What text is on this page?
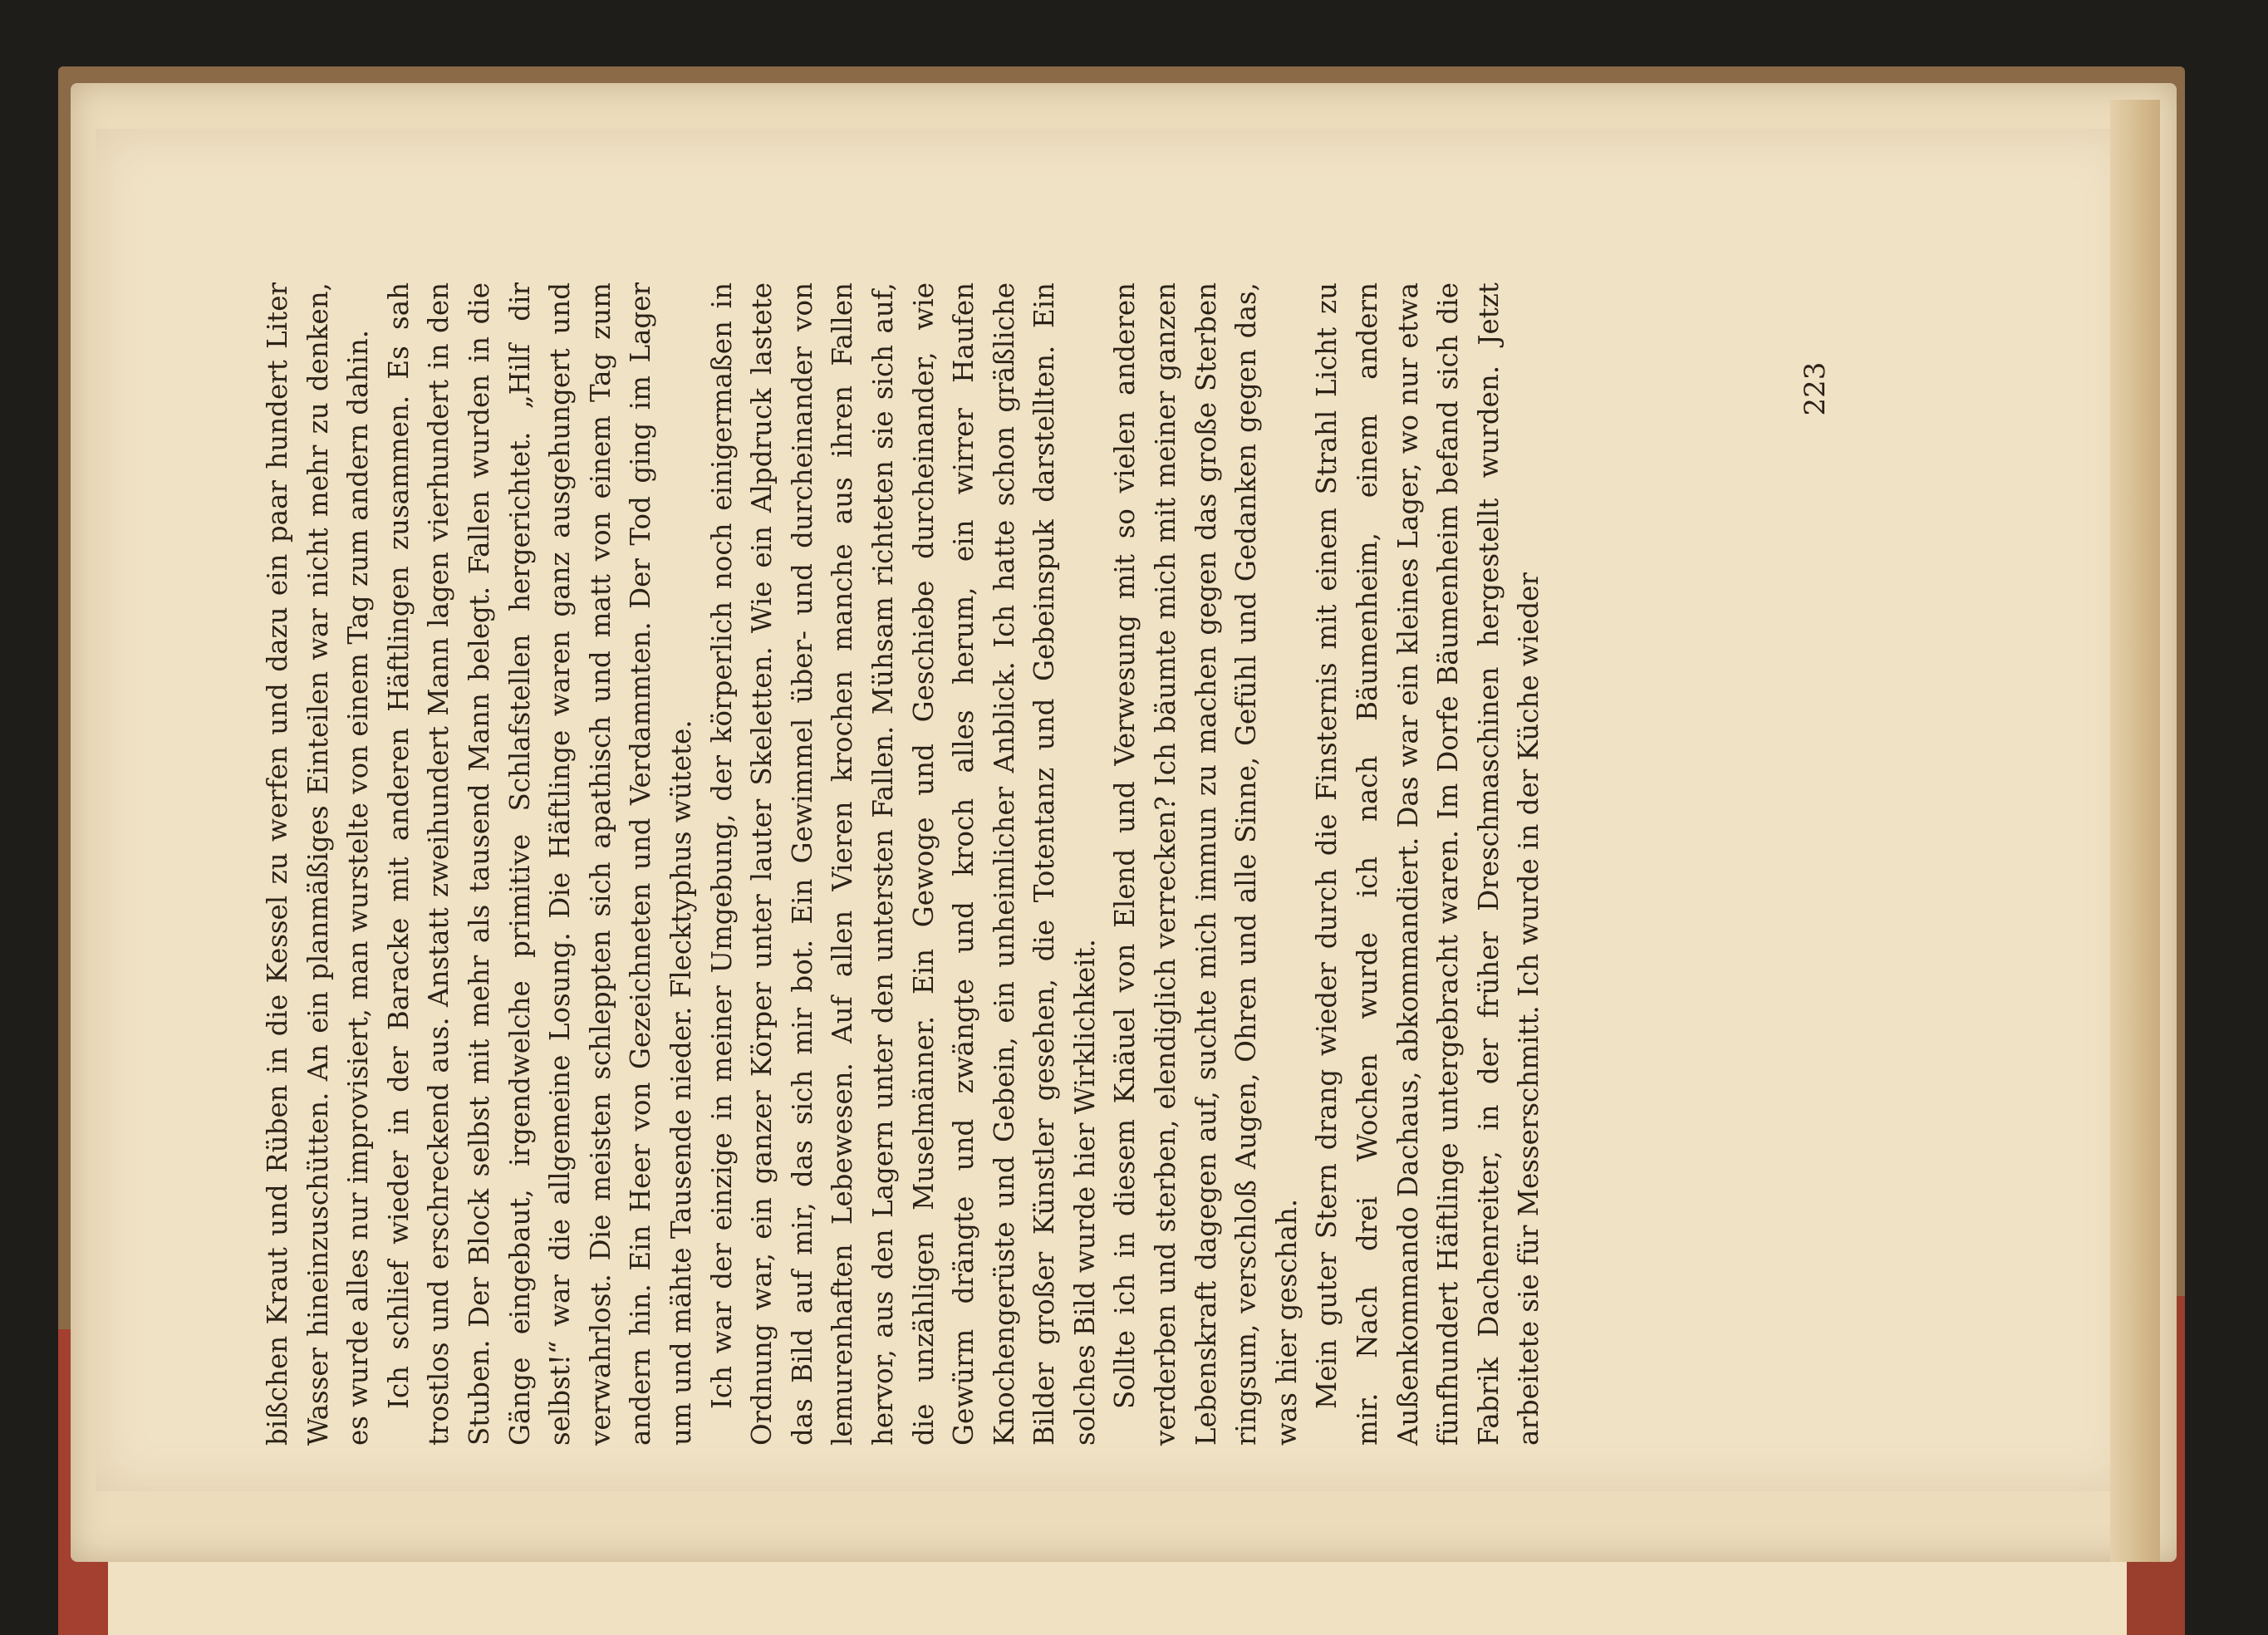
bißchen Kraut und Rüben in die Kessel zu werfen und dazu ein paar hundert Liter Wasser hineinzuschütten. An ein planmäßiges Einteilen war nicht mehr zu denken, es wurde alles nur improvisiert, man wurstelte von einem Tag zum andern dahin. Ich schlief wieder in der Baracke mit anderen Häftlingen zusammen. Es sah trostlos und erschreckend aus. Anstatt zweihundert Mann lagen vierhundert in den Stuben. Der Block selbst mit mehr als tausend Mann belegt. Fallen wurden in die Gänge eingebaut, irgendwelche primitive Schlafstellen hergerichtet. „Hilf dir selbst!“ war die allgemeine Losung. Die Häftlinge waren ganz ausgehungert und verwahrlost. Die meisten schleppten sich apathisch und matt von einem Tag zum andern hin. Ein Heer von Gezeichneten und Verdammten. Der Tod ging im Lager um und mähte Tausende nieder. Flecktyphus wütete. Ich war der einzige in meiner Umgebung, der körperlich noch einigermaßen in Ordnung war, ein ganzer Körper unter lauter Skeletten. Wie ein Alpdruck lastete das Bild auf mir, das sich mir bot. Ein Gewimmel über- und durcheinander von lemurenhaften Lebewesen. Auf allen Vieren krochen manche aus ihren Fallen hervor, aus den Lagern unter den untersten Fallen. Mühsam richteten sie sich auf, die unzähligen Muselmänner. Ein Gewoge und Geschiebe durcheinander, wie Gewürm drängte und zwängte und kroch alles herum, ein wirrer Haufen Knochengerüste und Gebein, ein unheimlicher Anblick. Ich hatte schon gräßliche Bilder großer Künstler gesehen, die Totentanz und Gebeinspuk darstellten. Ein solches Bild wurde hier Wirklichkeit. Sollte ich in diesem Knäuel von Elend und Verwesung mit so vielen anderen verderben und sterben, elendiglich verrecken? Ich bäumte mich mit meiner ganzen Lebenskraft dagegen auf, suchte mich immun zu machen gegen das große Sterben ringsum, verschloß Augen, Ohren und alle Sinne, Gefühl und Gedanken gegen das, was hier geschah. Mein guter Stern drang wieder durch die Finsternis mit einem Strahl Licht zu mir. Nach drei Wochen wurde ich nach Bäumenheim, einem andern Außenkommando Dachaus, abkommandiert. Das war ein kleines Lager, wo nur etwa fünfhundert Häftlinge untergebracht waren. Im Dorfe Bäumenheim befand sich die Fabrik Dachenreiter, in der früher Dreschmaschinen hergestellt wurden. Jetzt arbeitete sie für Messerschmitt. Ich wurde in der Küche wieder

223
